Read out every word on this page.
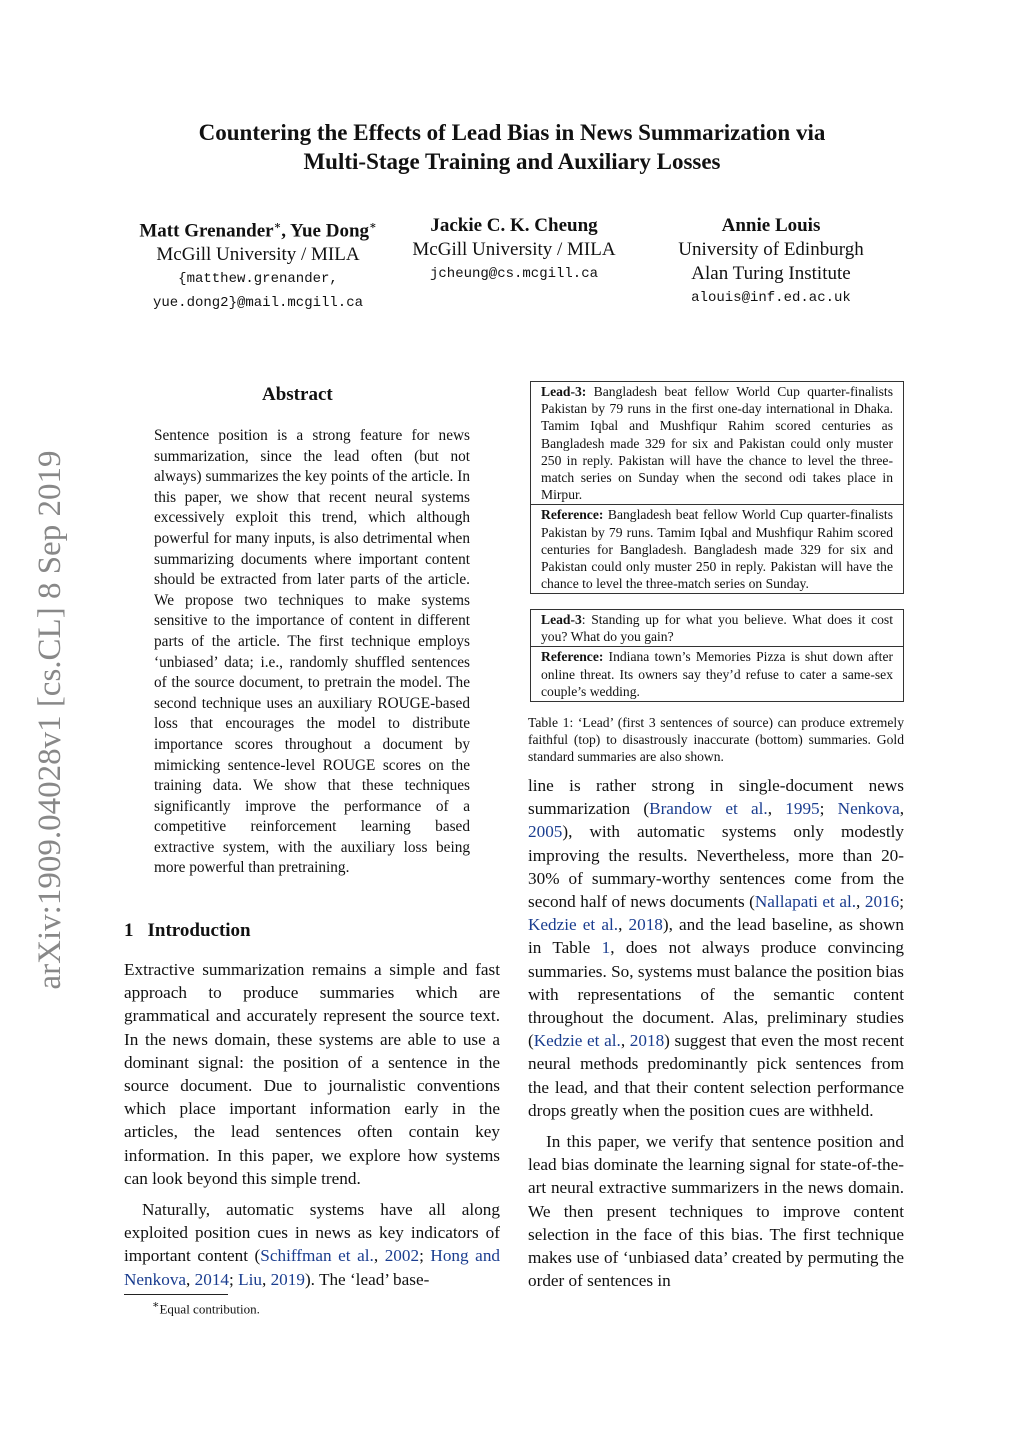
Countering the Effects of Lead Bias in News Summarization via
Multi-Stage Training and Auxiliary Losses
Matt Grenander∗, Yue Dong∗
McGill University / MILA
{matthew.grenander,
yue.dong2}@mail.mcgill.ca
Jackie C. K. Cheung
McGill University / MILA
jcheung@cs.mcgill.ca
Annie Louis
University of Edinburgh
Alan Turing Institute
alouis@inf.ed.ac.uk
arXiv:1909.04028v1 [cs.CL] 8 Sep 2019
Abstract
Sentence position is a strong feature for news summarization, since the lead often (but not always) summarizes the key points of the article. In this paper, we show that recent neural systems excessively exploit this trend, which although powerful for many inputs, is also detrimental when summarizing documents where important content should be extracted from later parts of the article. We propose two techniques to make systems sensitive to the importance of content in different parts of the article. The first technique employs ‘unbiased’ data; i.e., randomly shuffled sentences of the source document, to pretrain the model. The second technique uses an auxiliary ROUGE-based loss that encourages the model to distribute importance scores throughout a document by mimicking sentence-level ROUGE scores on the training data. We show that these techniques significantly improve the performance of a competitive reinforcement learning based extractive system, with the auxiliary loss being more powerful than pretraining.
1 Introduction

Extractive summarization remains a simple and fast approach to produce summaries which are grammatical and accurately represent the source text. In the news domain, these systems are able to use a dominant signal: the position of a sentence in the source document. Due to journalistic conventions which place important information early in the articles, the lead sentences often contain key information. In this paper, we explore how systems can look beyond this simple trend.

Naturally, automatic systems have all along exploited position cues in news as key indicators of important content (Schiffman et al., 2002; Hong and Nenkova, 2014; Liu, 2019). The ‘lead’ base-

∗Equal contribution.
Lead-3: Bangladesh beat fellow World Cup quarter-finalists Pakistan by 79 runs in the first one-day international in Dhaka. Tamim Iqbal and Mushfiqur Rahim scored centuries as Bangladesh made 329 for six and Pakistan could only muster 250 in reply. Pakistan will have the chance to level the three-match series on Sunday when the second odi takes place in Mirpur.
Reference: Bangladesh beat fellow World Cup quarter-finalists Pakistan by 79 runs. Tamim Iqbal and Mushfiqur Rahim scored centuries for Bangladesh. Bangladesh made 329 for six and Pakistan could only muster 250 in reply. Pakistan will have the chance to level the three-match series on Sunday.
Lead-3: Standing up for what you believe. What does it cost you? What do you gain?
Reference: Indiana town’s Memories Pizza is shut down after online threat. Its owners say they’d refuse to cater a same-sex couple’s wedding.
Table 1: ‘Lead’ (first 3 sentences of source) can produce extremely faithful (top) to disastrously inaccurate (bottom) summaries. Gold standard summaries are also shown.

line is rather strong in single-document news summarization (Brandow et al., 1995; Nenkova, 2005), with automatic systems only modestly improving the results. Nevertheless, more than 20-30% of summary-worthy sentences come from the second half of news documents (Nallapati et al., 2016; Kedzie et al., 2018), and the lead baseline, as shown in Table 1, does not always produce convincing summaries. So, systems must balance the position bias with representations of the semantic content throughout the document. Alas, preliminary studies (Kedzie et al., 2018) suggest that even the most recent neural methods predominantly pick sentences from the lead, and that their content selection performance drops greatly when the position cues are withheld.

In this paper, we verify that sentence position and lead bias dominate the learning signal for state-of-the-art neural extractive summarizers in the news domain. We then present techniques to improve content selection in the face of this bias. The first technique makes use of ‘unbiased data’ created by permuting the order of sentences in
